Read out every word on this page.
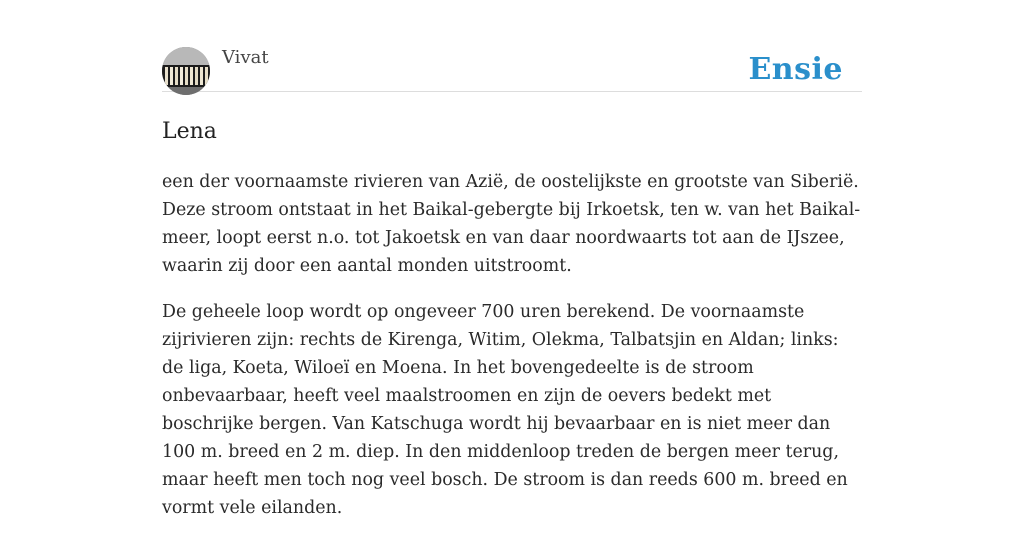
Vivat	Ensie
Lena

een der voornaamste rivieren van Azië, de oostelijkste en grootste van Siberië. Deze stroom ontstaat in het Baikal-gebergte bij Irkoetsk, ten w. van het Baikal-meer, loopt eerst n.o. tot Jakoetsk en van daar noordwaarts tot aan de IJszee, waarin zij door een aantal monden uitstroomt.

De geheele loop wordt op ongeveer 700 uren berekend. De voornaamste zijrivieren zijn: rechts de Kirenga, Witim, Olekma, Talbatsjin en Aldan; links: de liga, Koeta, Wiloeï en Moena. In het bovengedeelte is de stroom onbevaarbaar, heeft veel maalstroomen en zijn de oevers bedekt met boschrijke bergen. Van Katschuga wordt hij bevaarbaar en is niet meer dan 100 m. breed en 2 m. diep. In den middenloop treden de bergen meer terug, maar heeft men toch nog veel bosch. De stroom is dan reeds 600 m. breed en vormt vele eilanden.
